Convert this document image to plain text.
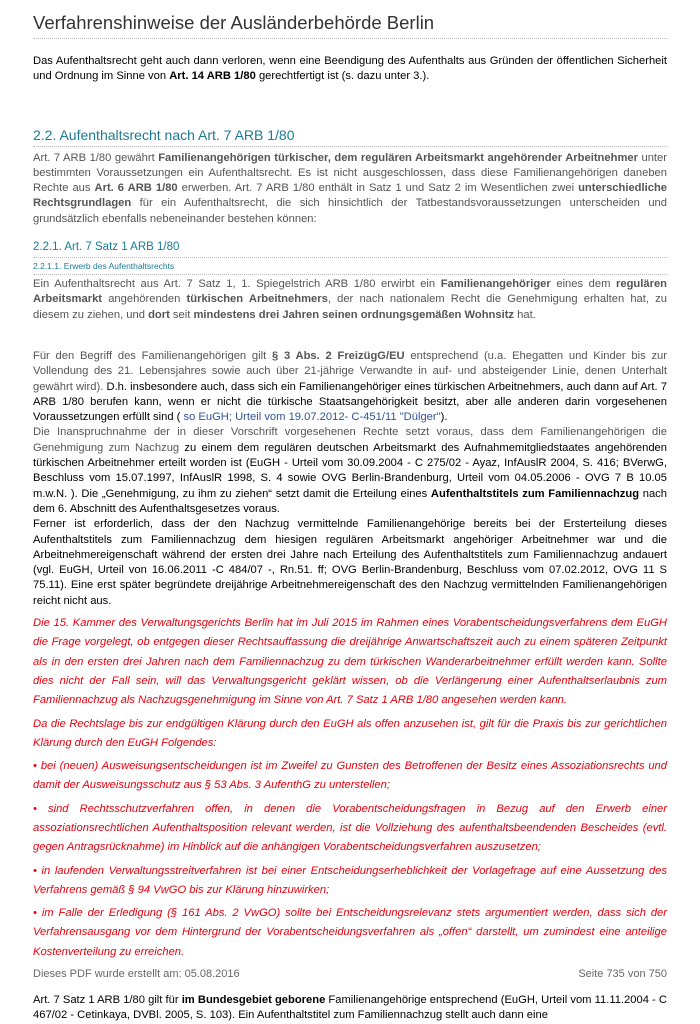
Verfahrenshinweise der Ausländerbehörde Berlin

Das Aufenthaltsrecht geht auch dann verloren, wenn eine Beendigung des Aufenthalts aus Gründen der öffentlichen Sicherheit und Ordnung im Sinne von Art. 14 ARB 1/80 gerechtfertigt ist (s. dazu unter 3.).

2.2. Aufenthaltsrecht nach Art. 7 ARB 1/80

Art. 7 ARB 1/80 gewährt Familienangehörigen türkischer, dem regulären Arbeitsmarkt angehörender Arbeitnehmer unter bestimmten Voraussetzungen ein Aufenthaltsrecht. Es ist nicht ausgeschlossen, dass diese Familienangehörigen daneben Rechte aus Art. 6 ARB 1/80 erwerben. Art. 7 ARB 1/80 enthält in Satz 1 und Satz 2 im Wesentlichen zwei unterschiedliche Rechtsgrundlagen für ein Aufenthaltsrecht, die sich hinsichtlich der Tatbestandsvoraussetzungen unterscheiden und grundsätzlich ebenfalls nebeneinander bestehen können:

2.2.1. Art. 7 Satz 1 ARB 1/80
2.2.1.1. Erwerb des Aufenthaltsrechts

Ein Aufenthaltsrecht aus Art. 7 Satz 1, 1. Spiegelstrich ARB 1/80 erwirbt ein Familienangehöriger eines dem regulären Arbeitsmarkt angehörenden türkischen Arbeitnehmers, der nach nationalem Recht die Genehmigung erhalten hat, zu diesem zu ziehen, und dort seit mindestens drei Jahren seinen ordnungsgemäßen Wohnsitz hat.

Für den Begriff des Familienangehörigen gilt § 3 Abs. 2 FreizügG/EU entsprechend (u.a. Ehegatten und Kinder bis zur Vollendung des 21. Lebensjahres sowie auch über 21-jährige Verwandte in auf- und absteigender Linie, denen Unterhalt gewährt wird). D.h. insbesondere auch, dass sich ein Familienangehöriger eines türkischen Arbeitnehmers, auch dann auf Art. 7 ARB 1/80 berufen kann, wenn er nicht die türkische Staatsangehörigkeit besitzt, aber alle anderen darin vorgesehenen Voraussetzungen erfüllt sind ( so EuGH; Urteil vom 19.07.2012- C-451/11 "Dülger").

Die Inanspruchnahme der in dieser Vorschrift vorgesehenen Rechte setzt voraus, dass dem Familienangehörigen die Genehmigung zum Nachzug zu einem dem regulären deutschen Arbeitsmarkt des Aufnahmemitgliedstaates angehörenden türkischen Arbeitnehmer erteilt worden ist (EuGH - Urteil vom 30.09.2004 - C 275/02 - Ayaz, InfAuslR 2004, S. 416; BVerwG, Beschluss vom 15.07.1997, InfAuslR 1998, S. 4 sowie OVG Berlin-Brandenburg, Urteil vom 04.05.2006 - OVG 7 B 10.05 m.w.N. ). Die „Genehmigung, zu ihm zu ziehen“ setzt damit die Erteilung eines Aufenthaltstitels zum Familiennachzug nach dem 6. Abschnitt des Aufenthaltsgesetzes voraus.

Ferner ist erforderlich, dass der den Nachzug vermittelnde Familienangehörige bereits bei der Ersterteilung dieses Aufenthaltstitels zum Familiennachzug dem hiesigen regulären Arbeitsmarkt angehöriger Arbeitnehmer war und die Arbeitnehmereigenschaft während der ersten drei Jahre nach Erteilung des Aufenthaltstitels zum Familiennachzug andauert (vgl. EuGH, Urteil von 16.06.2011 -C 484/07 -, Rn.51. ff; OVG Berlin-Brandenburg, Beschluss vom 07.02.2012, OVG 11 S 75.11). Eine erst später begründete dreijährige Arbeitnehmereigenschaft des den Nachzug vermittelnden Familienangehörigen reicht nicht aus.

Die 15. Kammer des Verwaltungsgerichts Berlin hat im Juli 2015 im Rahmen eines Vorabentscheidungsverfahrens dem EuGH die Frage vorgelegt, ob entgegen dieser Rechtsauffassung die dreijährige Anwartschaftszeit auch zu einem späteren Zeitpunkt als in den ersten drei Jahren nach dem Familiennachzug zu dem türkischen Wanderarbeitnehmer erfüllt werden kann. Sollte dies nicht der Fall sein, will das Verwaltungsgericht geklärt wissen, ob die Verlängerung einer Aufenthaltserlaubnis zum Familiennachzug als Nachzugsgenehmigung im Sinne von Art. 7 Satz 1 ARB 1/80 angesehen werden kann.

Da die Rechtslage bis zur endgültigen Klärung durch den EuGH als offen anzusehen ist, gilt für die Praxis bis zur gerichtlichen Klärung durch den EuGH Folgendes:

• bei (neuen) Ausweisungsentscheidungen ist im Zweifel zu Gunsten des Betroffenen der Besitz eines Assoziationsrechts und damit der Ausweisungsschutz aus § 53 Abs. 3 AufenthG zu unterstellen;

• sind Rechtsschutzverfahren offen, in denen die Vorabentscheidungsfragen in Bezug auf den Erwerb einer assoziationsrechtlichen Aufenthaltsposition relevant werden, ist die Vollziehung des aufenthaltsbeendenden Bescheides (evtl. gegen Antragsrücknahme) im Hinblick auf die anhängigen Vorabentscheidungsverfahren auszusetzen;

• in laufenden Verwaltungsstreitverfahren ist bei einer Entscheidungserheblichkeit der Vorlagefrage auf eine Aussetzung des Verfahrens gemäß § 94 VwGO bis zur Klärung hinzuwirken;

• im Falle der Erledigung (§ 161 Abs. 2 VwGO) sollte bei Entscheidungsrelevanz stets argumentiert werden, dass sich der Verfahrensausgang vor dem Hintergrund der Vorabentscheidungsverfahren als „offen“ darstellt, um zumindest eine anteilige Kostenverteilung zu erreichen.

Art. 7 Satz 1 ARB 1/80 gilt für im Bundesgebiet geborene Familienangehörige entsprechend (EuGH, Urteil vom 11.11.2004 - C 467/02 - Cetinkaya, DVBl. 2005, S. 103). Ein Aufenthaltstitel zum Familiennachzug stellt auch dann eine

Dieses PDF wurde erstellt am: 05.08.2016	Seite 735 von 750
